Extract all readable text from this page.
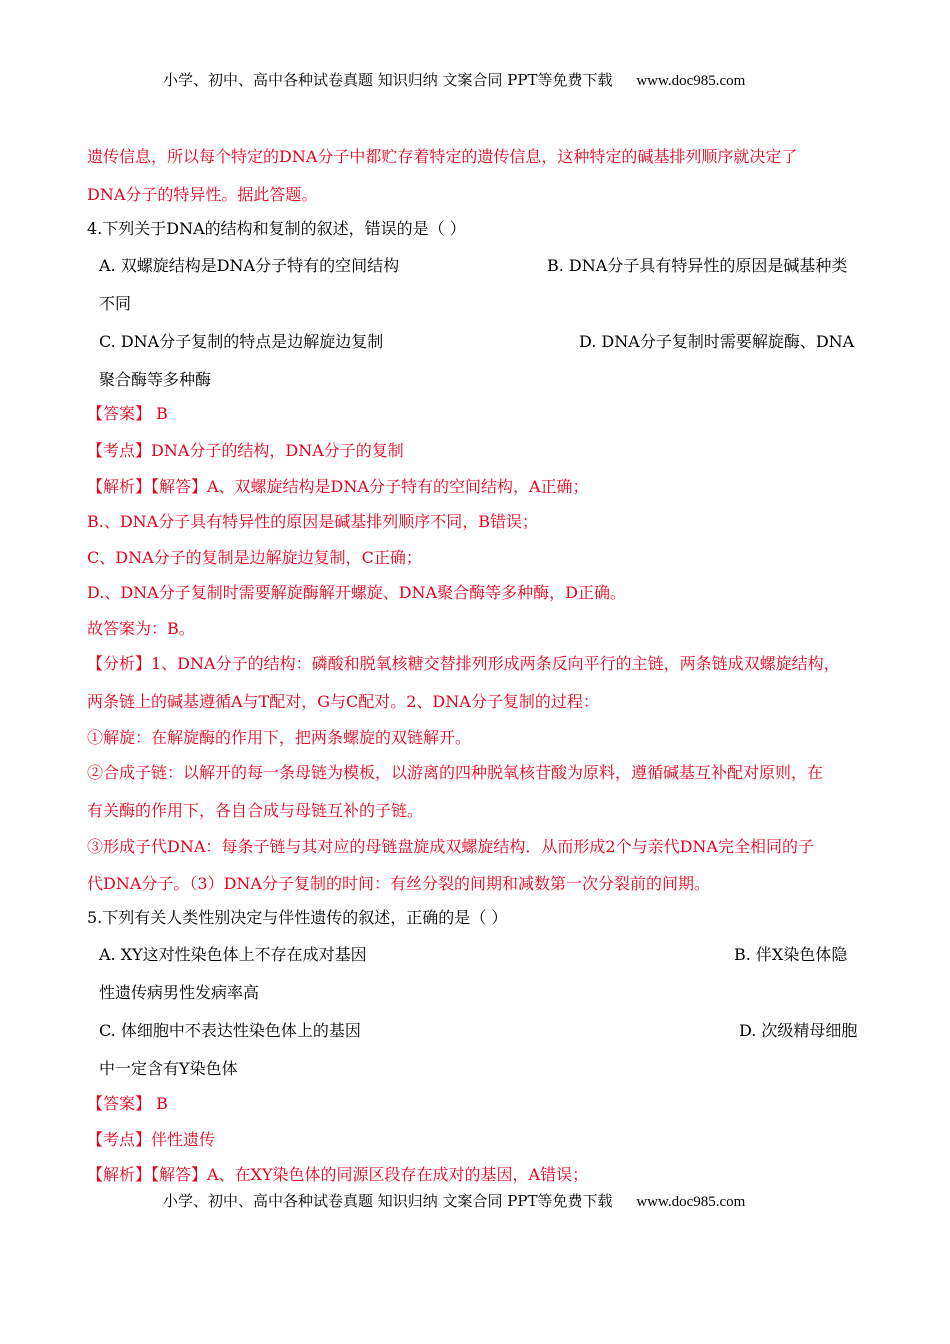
小学、初中、高中各种试卷真题 知识归纳 文案合同 PPT等免费下载 www.doc985.com
遗传信息，所以每个特定的DNA分子中都贮存着特定的遗传信息，这种特定的碱基排列顺序就决定了
DNA分子的特异性。据此答题。
4.下列关于DNA的结构和复制的叙述，错误的是（ ）
A. 双螺旋结构是DNA分子特有的空间结构	B. DNA分子具有特异性的原因是碱基种类
不同
C. DNA分子复制的特点是边解旋边复制	D. DNA分子复制时需要解旋酶、DNA
聚合酶等多种酶
【答案】 B
【考点】DNA分子的结构，DNA分子的复制
【解析】【解答】A、双螺旋结构是DNA分子特有的空间结构，A正确；
B.、DNA分子具有特异性的原因是碱基排列顺序不同，B错误；
C、DNA分子的复制是边解旋边复制，C正确；
D.、DNA分子复制时需要解旋酶解开螺旋、DNA聚合酶等多种酶，D正确。
故答案为：B。
【分析】1、DNA分子的结构：磷酸和脱氧核糖交替排列形成两条反向平行的主链，两条链成双螺旋结构，
两条链上的碱基遵循A与T配对，G与C配对。2、DNA分子复制的过程：
①解旋：在解旋酶的作用下，把两条螺旋的双链解开。
②合成子链：以解开的每一条母链为模板，以游离的四种脱氧核苷酸为原料，遵循碱基互补配对原则，在
有关酶的作用下，各自合成与母链互补的子链。
③形成子代DNA：每条子链与其对应的母链盘旋成双螺旋结构．从而形成2个与亲代DNA完全相同的子
代DNA分子。（3）DNA分子复制的时间：有丝分裂的间期和减数第一次分裂前的间期。
5.下列有关人类性别决定与伴性遗传的叙述，正确的是（ ）
A. XY这对性染色体上不存在成对基因	B. 伴X染色体隐
性遗传病男性发病率高
C. 体细胞中不表达性染色体上的基因	D. 次级精母细胞
中一定含有Y染色体
【答案】 B
【考点】伴性遗传
【解析】【解答】A、在XY染色体的同源区段存在成对的基因，A错误；
小学、初中、高中各种试卷真题 知识归纳 文案合同 PPT等免费下载 www.doc985.com
